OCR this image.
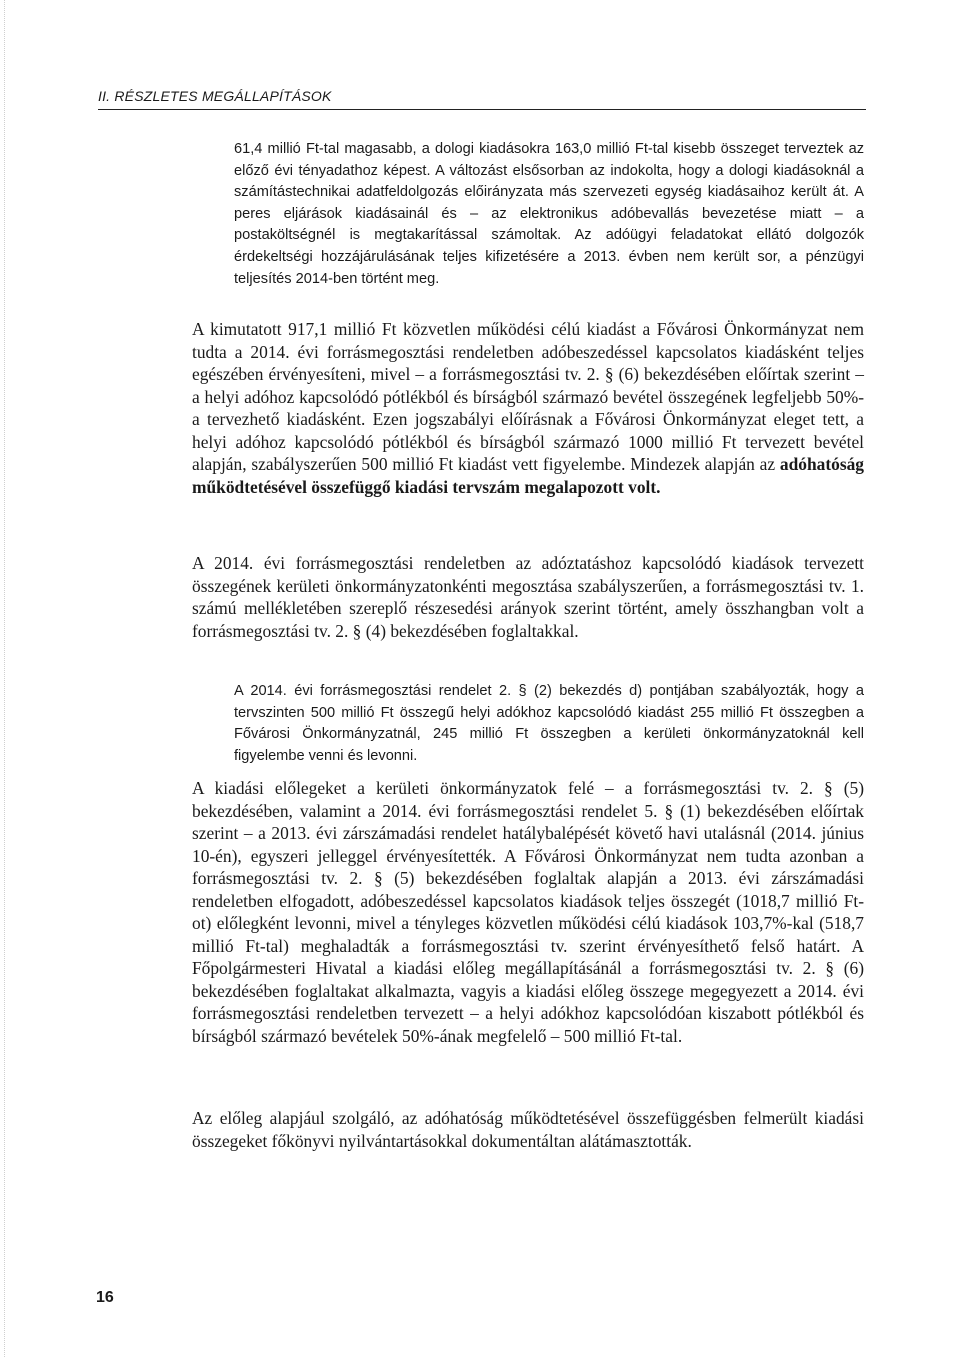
II. RÉSZLETES MEGÁLLAPÍTÁSOK

61,4 millió Ft-tal magasabb, a dologi kiadásokra 163,0 millió Ft-tal kisebb összeget terveztek az előző évi tényadathoz képest. A változást elsősorban az indokolta, hogy a dologi kiadásoknál a számítástechnikai adatfeldolgozás előirányzata más szervezeti egység kiadásaihoz került át. A peres eljárások kiadásainál és – az elektronikus adóbevallás bevezetése miatt – a postaköltségnél is megtakarítással számoltak. Az adóügyi feladatokat ellátó dolgozók érdekeltségi hozzájárulásának teljes kifizetésére a 2013. évben nem került sor, a pénzügyi teljesítés 2014-ben történt meg.

A kimutatott 917,1 millió Ft közvetlen működési célú kiadást a Fővárosi Önkormányzat nem tudta a 2014. évi forrásmegosztási rendeletben adóbeszedéssel kapcsolatos kiadásként teljes egészében érvényesíteni, mivel – a forrásmegosztási tv. 2. § (6) bekezdésében előírtak szerint – a helyi adóhoz kapcsolódó pótlékból és bírságból származó bevétel összegének legfeljebb 50%-a tervezhető kiadásként. Ezen jogszabályi előírásnak a Fővárosi Önkormányzat eleget tett, a helyi adóhoz kapcsolódó pótlékból és bírságból származó 1000 millió Ft tervezett bevétel alapján, szabályszerűen 500 millió Ft kiadást vett figyelembe. Mindezek alapján az adóhatóság működtetésével összefüggő kiadási tervszám megalapozott volt.

A 2014. évi forrásmegosztási rendeletben az adóztatáshoz kapcsolódó kiadások tervezett összegének kerületi önkormányzatonkénti megosztása szabályszerűen, a forrásmegosztási tv. 1. számú mellékletében szereplő részesedési arányok szerint történt, amely összhangban volt a forrásmegosztási tv. 2. § (4) bekezdésében foglaltakkal.

A 2014. évi forrásmegosztási rendelet 2. § (2) bekezdés d) pontjában szabályozták, hogy a tervszinten 500 millió Ft összegű helyi adókhoz kapcsolódó kiadást 255 millió Ft összegben a Fővárosi Önkormányzatnál, 245 millió Ft összegben a kerületi önkormányzatoknál kell figyelembe venni és levonni.

A kiadási előlegeket a kerületi önkormányzatok felé – a forrásmegosztási tv. 2. § (5) bekezdésében, valamint a 2014. évi forrásmegosztási rendelet 5. § (1) bekezdésében előírtak szerint – a 2013. évi zárszámadási rendelet hatálybalépését követő havi utalásnál (2014. június 10-én), egyszeri jelleggel érvényesítették. A Fővárosi Önkormányzat nem tudta azonban a forrásmegosztási tv. 2. § (5) bekezdésében foglaltak alapján a 2013. évi zárszámadási rendeletben elfogadott, adóbeszedéssel kapcsolatos kiadások teljes összegét (1018,7 millió Ft-ot) előlegként levonni, mivel a tényleges közvetlen működési célú kiadások 103,7%-kal (518,7 millió Ft-tal) meghaladták a forrásmegosztási tv. szerint érvényesíthető felső határt. A Főpolgármesteri Hivatal a kiadási előleg megállapításánál a forrásmegosztási tv. 2. § (6) bekezdésében foglaltakat alkalmazta, vagyis a kiadási előleg összege megegyezett a 2014. évi forrásmegosztási rendeletben tervezett – a helyi adókhoz kapcsolódóan kiszabott pótlékból és bírságból származó bevételek 50%-ának megfelelő – 500 millió Ft-tal.

Az előleg alapjául szolgáló, az adóhatóság működtetésével összefüggésben felmerült kiadási összegeket főkönyvi nyilvántartásokkal dokumentáltan alátámasztották.

16
